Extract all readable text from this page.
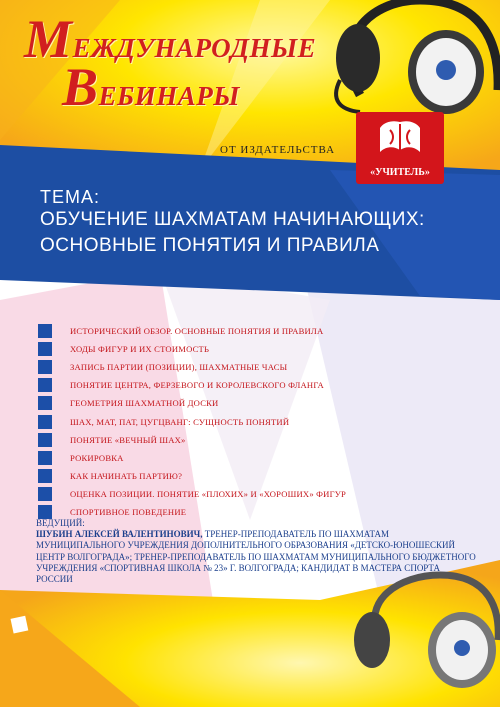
МЕЖДУНАРОДНЫЕ
ВЕБИНАРЫ
ОТ ИЗДАТЕЛЬСТВА
«УЧИТЕЛЬ»
ТЕМА:
ОБУЧЕНИЕ ШАХМАТАМ НАЧИНАЮЩИХ:
ОСНОВНЫЕ ПОНЯТИЯ И ПРАВИЛА
ИСТОРИЧЕСКИЙ ОБЗОР. ОСНОВНЫЕ ПОНЯТИЯ И ПРАВИЛА
ХОДЫ ФИГУР И ИХ СТОИМОСТЬ
ЗАПИСЬ ПАРТИИ (ПОЗИЦИИ), ШАХМАТНЫЕ ЧАСЫ
ПОНЯТИЕ ЦЕНТРА, ФЕРЗЕВОГО И КОРОЛЕВСКОГО ФЛАНГА
ГЕОМЕТРИЯ ШАХМАТНОЙ ДОСКИ
ШАХ, МАТ, ПАТ, ЦУГЦВАНГ: СУЩНОСТЬ ПОНЯТИЙ
ПОНЯТИЕ «ВЕЧНЫЙ ШАХ»
РОКИРОВКА
КАК НАЧИНАТЬ ПАРТИЮ?
ОЦЕНКА ПОЗИЦИИ. ПОНЯТИЕ «ПЛОХИХ» И «ХОРОШИХ» ФИГУР
СПОРТИВНОЕ ПОВЕДЕНИЕ
ВЕДУЩИЙ:
ШУБИН АЛЕКСЕЙ ВАЛЕНТИНОВИЧ, ТРЕНЕР-ПРЕПОДАВАТЕЛЬ ПО ШАХМАТАМ МУНИЦИПАЛЬНОГО УЧРЕЖДЕНИЯ ДОПОЛНИТЕЛЬНОГО ОБРАЗОВАНИЯ «ДЕТСКО-ЮНОШЕСКИЙ ЦЕНТР ВОЛГОГРАДА»; ТРЕНЕР-ПРЕПОДАВАТЕЛЬ ПО ШАХМАТАМ МУНИЦИПАЛЬНОГО БЮДЖЕТНОГО УЧРЕЖДЕНИЯ «СПОРТИВНАЯ ШКОЛА № 23» Г. ВОЛГОГРАДА; КАНДИДАТ В МАСТЕРА СПОРТА РОССИИ
